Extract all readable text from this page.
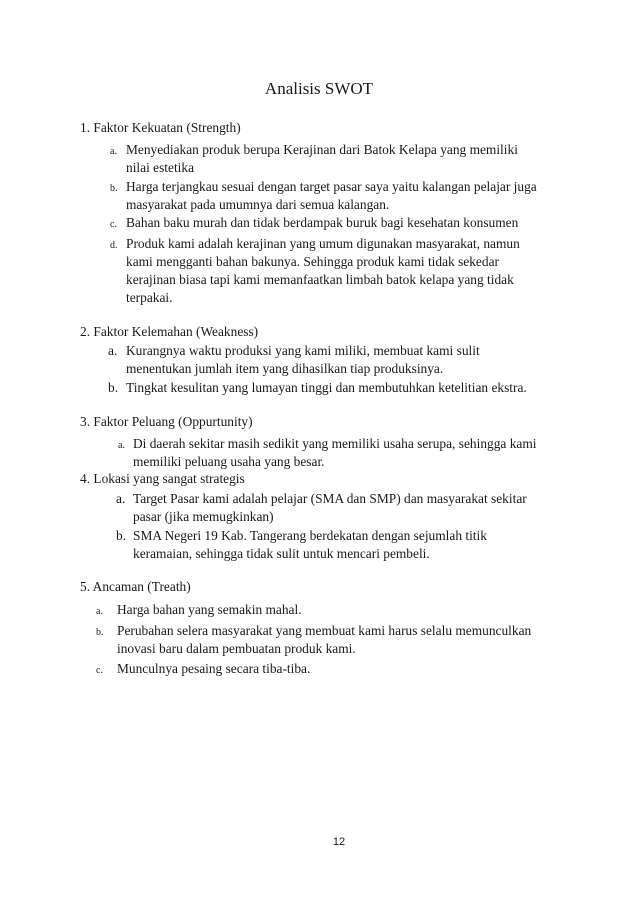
Analisis SWOT
1. Faktor Kekuatan (Strength)
a. Menyediakan produk berupa Kerajinan dari Batok Kelapa yang memiliki
nilai estetika
b. Harga terjangkau sesuai dengan target pasar saya yaitu kalangan pelajar juga
masyarakat pada umumnya dari semua kalangan.
c. Bahan baku murah dan tidak berdampak buruk bagi kesehatan konsumen
d. Produk kami adalah kerajinan yang umum digunakan masyarakat, namun
kami mengganti bahan bakunya. Sehingga produk kami tidak sekedar
kerajinan biasa tapi kami memanfaatkan limbah batok kelapa yang tidak
terpakai.
2. Faktor Kelemahan (Weakness)
a. Kurangnya waktu produksi yang kami miliki, membuat kami sulit
menentukan jumlah item yang dihasilkan tiap produksinya.
b. Tingkat kesulitan yang lumayan tinggi dan membutuhkan ketelitian ekstra.
3. Faktor Peluang (Oppurtunity)
a. Di daerah sekitar masih sedikit yang memiliki usaha serupa, sehingga kami
memiliki peluang usaha yang besar.
4. Lokasi yang sangat strategis
a. Target Pasar kami adalah pelajar (SMA dan SMP) dan masyarakat sekitar
pasar (jika memugkinkan)
b. SMA Negeri 19 Kab. Tangerang berdekatan dengan sejumlah titik
keramaian, sehingga tidak sulit untuk mencari pembeli.
5. Ancaman (Treath)
a. Harga bahan yang semakin mahal.
b. Perubahan selera masyarakat yang membuat kami harus selalu memunculkan
inovasi baru dalam pembuatan produk kami.
c. Munculnya pesaing secara tiba-tiba.
12
